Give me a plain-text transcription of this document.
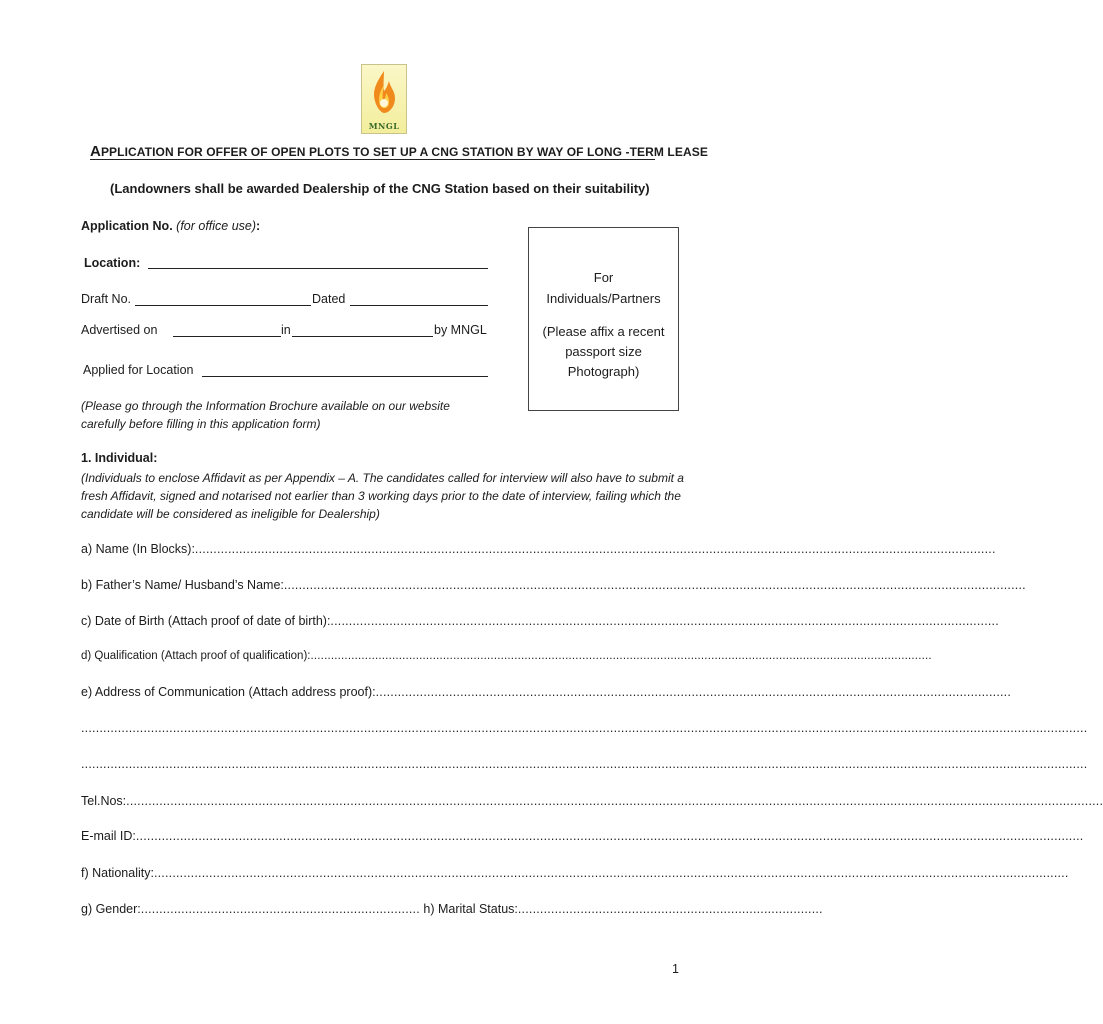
MNGL
APPLICATION FOR OFFER OF OPEN PLOTS TO SET UP A CNG STATION BY WAY OF LONG -TERM LEASE
(Landowners shall be awarded Dealership of the CNG Station based on their suitability)
Application No. (for office use):
Location:
Draft No.	Dated
Advertised on	in	by MNGL
Applied for Location
(Please go through the Information Brochure available on our website carefully before filling in this application form)
For
Individuals/Partners
(Please affix a recent passport size Photograph)
1. Individual:
(Individuals to enclose Affidavit as per Appendix – A. The candidates called for interview will also have to submit a fresh Affidavit, signed and notarised not earlier than 3 working days prior to the date of interview, failing which the candidate will be considered as ineligible for Dealership)
a) Name (In Blocks):..........................................................................................................................................................................................................................
b) Father’s Name/ Husband’s Name:..........................................................................................................................................................................................................
c) Date of Birth (Attach proof of date of birth):......................................................................................................................................................................................
d) Qualification (Attach proof of qualification):.......................................................................................................................................................................................
e) Address of Communication (Attach address proof):.............................................................................................................................................................................
..................................................................................................................................................................................................................................................................................
..................................................................................................................................................................................................................................................................................
Tel.Nos:..........................................................................................................................................................................................................................................................................
E-mail ID:..................................................................................................................................................................................................................................................................
f) Nationality:.........................................................................................................................................................................................................................................................
g) Gender:............................................................................ h) Marital Status:...................................................................................
1
